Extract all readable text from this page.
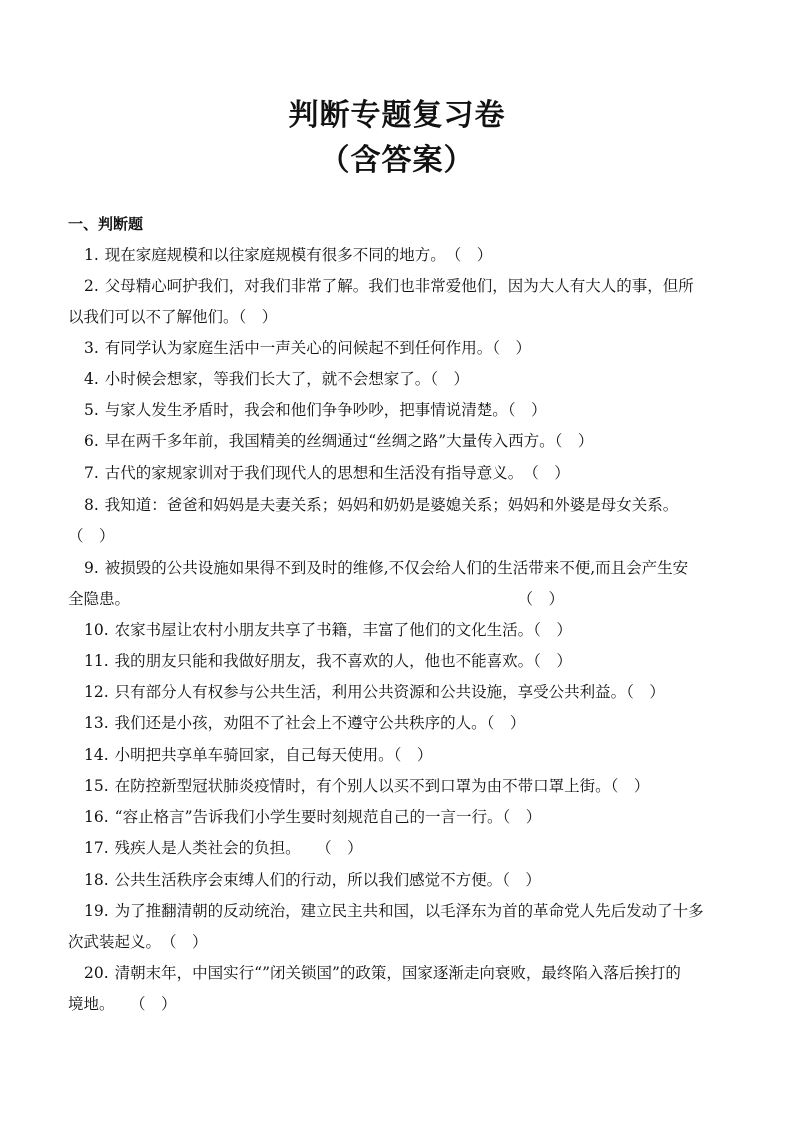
判断专题复习卷
（含答案）
一、判断题
1. 现在家庭规模和以往家庭规模有很多不同的地方。　（　）
2. 父母精心呵护我们，对我们非常了解。我们也非常爱他们，因为大人有大人的事，但所
以我们可以不了解他们。（　）
3. 有同学认为家庭生活中一声关心的问候起不到任何作用。（　）
4. 小时候会想家，等我们长大了，就不会想家了。（　）
5. 与家人发生矛盾时，我会和他们争争吵吵，把事情说清楚。（　）
6. 早在两千多年前，我国精美的丝绸通过“丝绸之路”大量传入西方。（　）
7. 古代的家规家训对于我们现代人的思想和生活没有指导意义。　（　）
8. 我知道：爸爸和妈妈是夫妻关系；妈妈和奶奶是婆媳关系；妈妈和外婆是母女关系。
（　）
9. 被损毁的公共设施如果得不到及时的维修,不仅会给人们的生活带来不便,而且会产生安
全隐患。　　　　　　　　　　　　　　　　　　　　　　　　　　（　）
10. 农家书屋让农村小朋友共享了书籍，丰富了他们的文化生活。（　）
11. 我的朋友只能和我做好朋友，我不喜欢的人，他也不能喜欢。（　）
12. 只有部分人有权参与公共生活，利用公共资源和公共设施，享受公共利益。（　）
13. 我们还是小孩，劝阻不了社会上不遵守公共秩序的人。（　）
14. 小明把共享单车骑回家，自己每天使用。（　）
15. 在防控新型冠状肺炎疫情时，有个别人以买不到口罩为由不带口罩上街。（　）
16. “容止格言”告诉我们小学生要时刻规范自己的一言一行。（　）
17. 残疾人是人类社会的负担。　　（　）
18. 公共生活秩序会束缚人们的行动，所以我们感觉不方便。（　）
19. 为了推翻清朝的反动统治，建立民主共和国，以毛泽东为首的革命党人先后发动了十多
次武装起义。　（　）
20. 清朝末年，中国实行“”闭关锁国”的政策，国家逐渐走向衰败，最终陷入落后挨打的
境地。　　（　）
